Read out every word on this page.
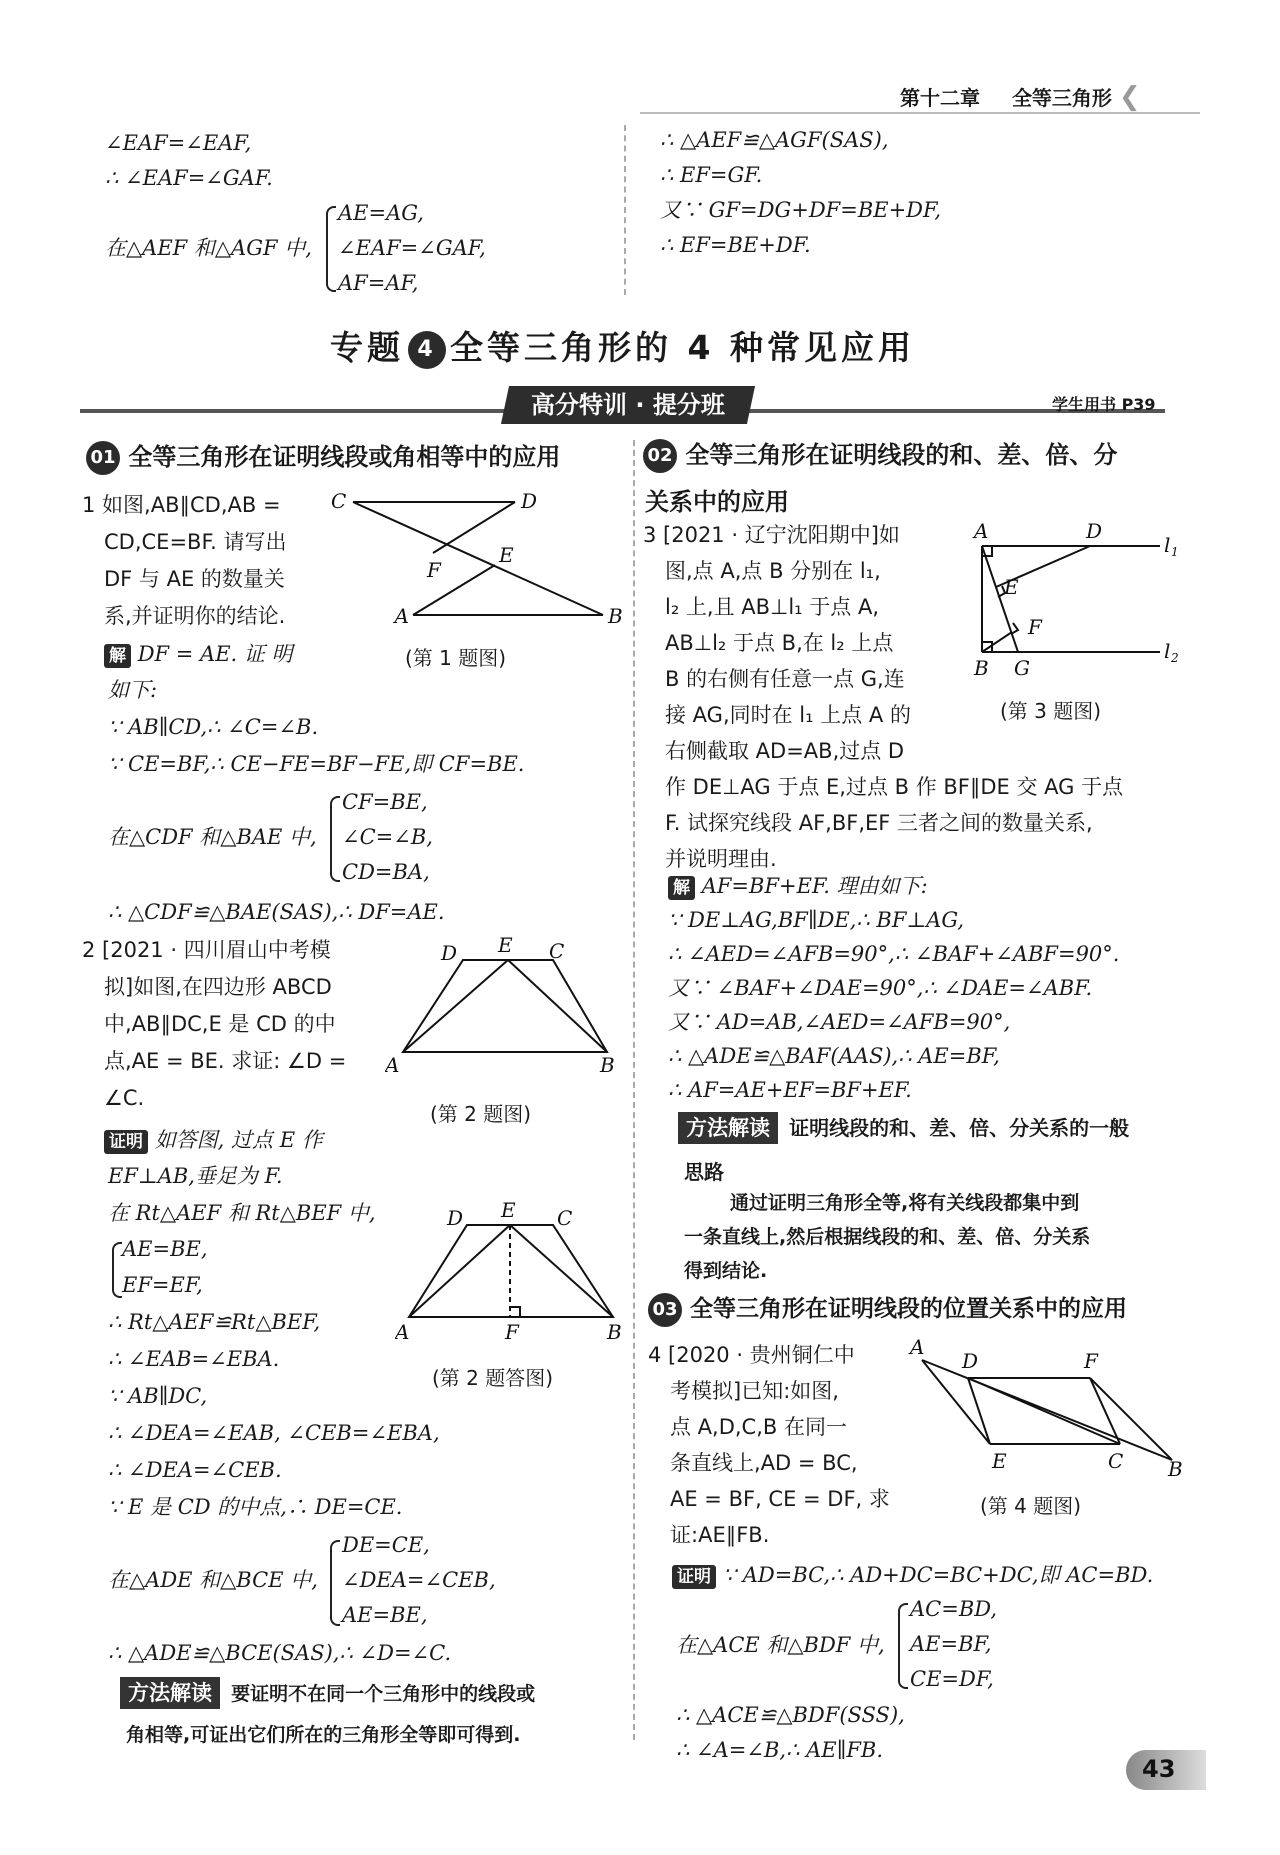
第十二章 全等三角形 ❮
∠EAF=∠EAF,
∴ ∠EAF=∠GAF.
在△AEF 和△AGF 中,
AE=AG,
∠EAF=∠GAF,
AF=AF,
∴ △AEF≌△AGF(SAS),
∴ EF=GF.
又∵ GF=DG+DF=BE+DF,
∴ EF=BE+DF.
专题 4 全等三角形的 4 种常见应用
高分特训 · 提分班	学生用书 P39
01 全等三角形在证明线段或角相等中的应用
1 如图,AB∥CD,AB =
CD,CE=BF. 请写出
DF 与 AE 的数量关
系,并证明你的结论.
C	D
F
E
A	B
(第 1 题图)
解 DF = AE. 证 明
如下:
∵ AB∥CD,∴ ∠C=∠B.
∵ CE=BF,∴ CE−FE=BF−FE,即 CF=BE.
在△CDF 和△BAE 中,
CF=BE,
∠C=∠B,
CD=BA,
∴ △CDF≌△BAE(SAS),∴ DF=AE.
2 [2021 · 四川眉山中考模
拟]如图,在四边形 ABCD
中,AB∥DC,E 是 CD 的中
点,AE = BE. 求证: ∠D =
∠C.
D E C
A	B
(第 2 题图)
证明 如答图, 过点 E 作
EF⊥AB,垂足为 F.
在 Rt△AEF 和 Rt△BEF 中,
AE=BE,
EF=EF,
∴ Rt△AEF≌Rt△BEF,
∴ ∠EAB=∠EBA.
∵ AB∥DC,
∴ ∠DEA=∠EAB, ∠CEB=∠EBA,
∴ ∠DEA=∠CEB.
∵ E 是 CD 的中点,∴ DE=CE.
D E C
A	F	B
(第 2 题答图)
在△ADE 和△BCE 中,
DE=CE,
∠DEA=∠CEB,
AE=BE,
∴ △ADE≌△BCE(SAS),∴ ∠D=∠C.
方法解读 要证明不在同一个三角形中的线段或
角相等,可证出它们所在的三角形全等即可得到.
02 全等三角形在证明线段的和、差、倍、分
关系中的应用
3 [2021 · 辽宁沈阳期中]如
图,点 A,点 B 分别在 l₁,
l₂ 上,且 AB⊥l₁ 于点 A,
AB⊥l₂ 于点 B,在 l₂ 上点
B 的右侧有任意一点 G,连
接 AG,同时在 l₁ 上点 A 的
右侧截取 AD=AB,过点 D
作 DE⊥AG 于点 E,过点 B 作 BF∥DE 交 AG 于点
F. 试探究线段 AF,BF,EF 三者之间的数量关系,
并说明理由.
A	D
l 1
E
F
B G
l 2
(第 3 题图)
解 AF=BF+EF. 理由如下:
∵ DE⊥AG,BF∥DE,∴ BF⊥AG,
∴ ∠AED=∠AFB=90°,∴ ∠BAF+∠ABF=90°.
又∵ ∠BAF+∠DAE=90°,∴ ∠DAE=∠ABF.
又∵ AD=AB,∠AED=∠AFB=90°,
∴ △ADE≌△BAF(AAS),∴ AE=BF,
∴ AF=AE+EF=BF+EF.
方法解读 证明线段的和、差、倍、分关系的一般
思路
通过证明三角形全等,将有关线段都集中到
一条直线上,然后根据线段的和、差、倍、分关系
得到结论.
03 全等三角形在证明线段的位置关系中的应用
4 [2020 · 贵州铜仁中
考模拟]已知:如图,
点 A,D,C,B 在同一
条直线上,AD = BC,
AE = BF, CE = DF, 求
证:AE∥FB.
A
D	F
E	C B
(第 4 题图)
证明 ∵ AD=BC,∴ AD+DC=BC+DC,即 AC=BD.
在△ACE 和△BDF 中,
AC=BD,
AE=BF,
CE=DF,
∴ △ACE≌△BDF(SSS),
∴ ∠A=∠B,∴ AE∥FB.
43
